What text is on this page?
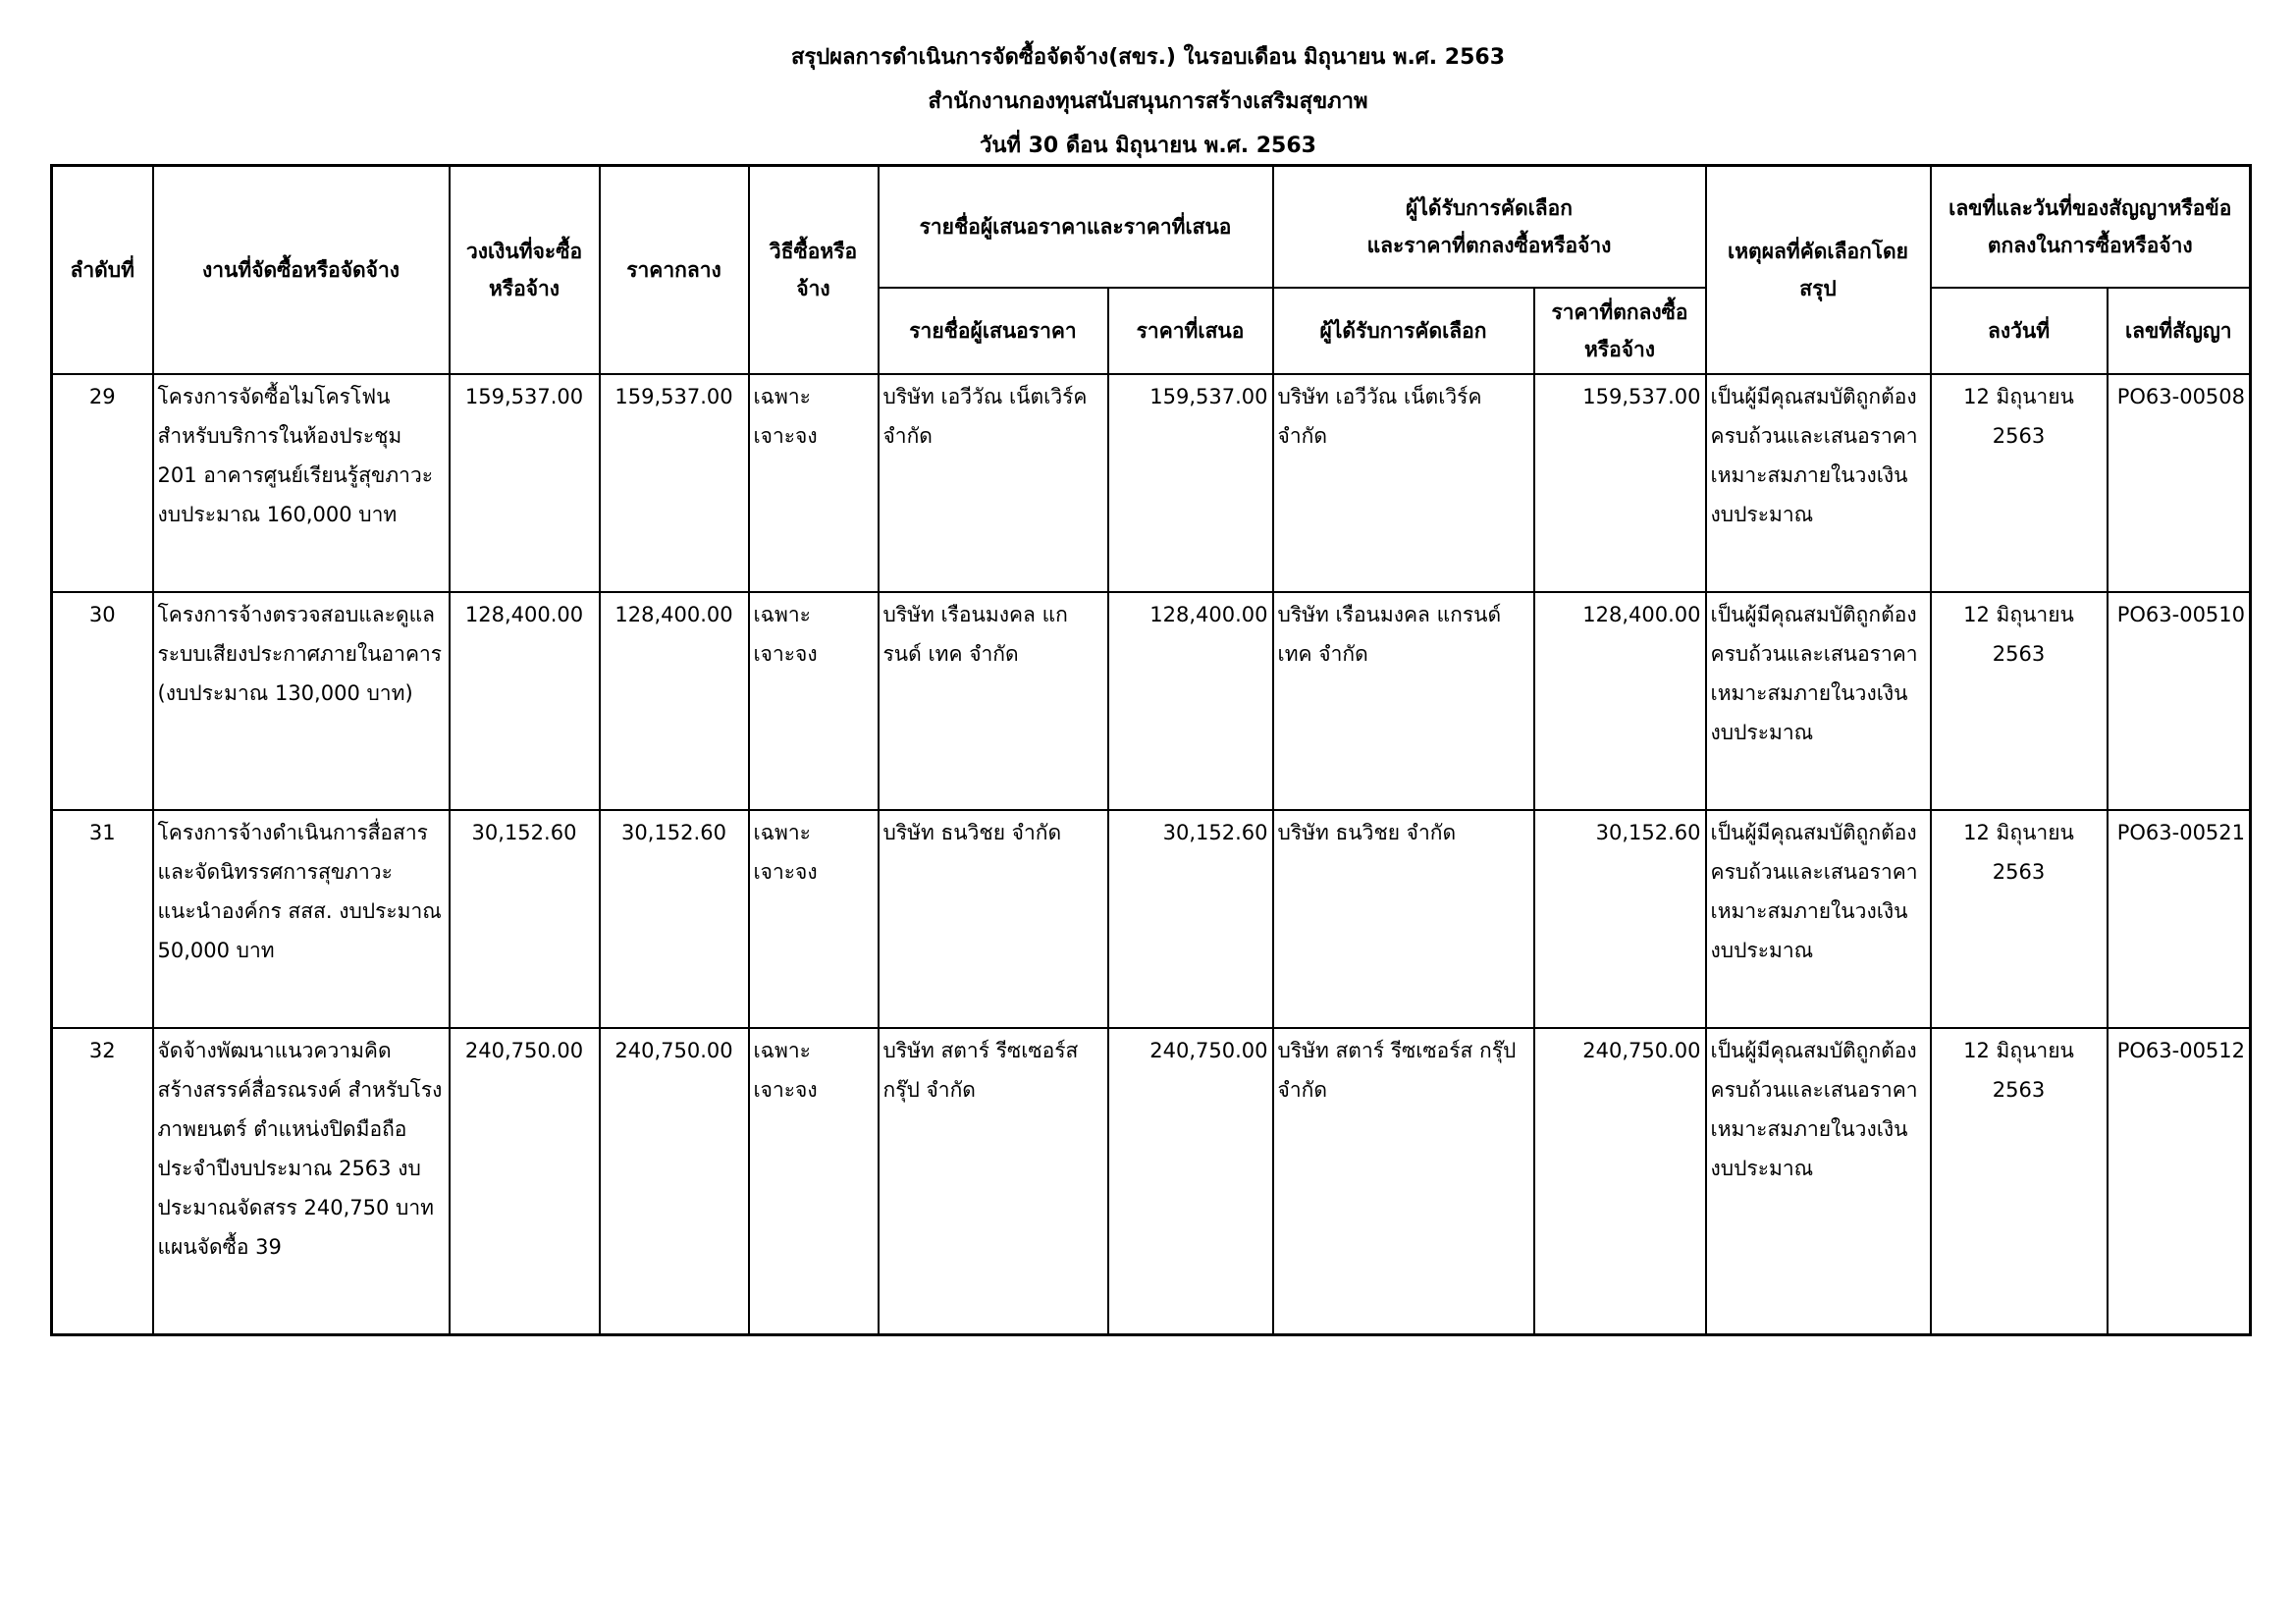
สรุปผลการดำเนินการจัดซื้อจัดจ้าง(สขร.) ในรอบเดือน มิถุนายน พ.ศ. 2563
สำนักงานกองทุนสนับสนุนการสร้างเสริมสุขภาพ
วันที่ 30 ดือน มิถุนายน พ.ศ. 2563
ลำดับที่	งานที่จัดซื้อหรือจัดจ้าง	วงเงินที่จะซื้อหรือจ้าง	ราคากลาง	วิธีซื้อหรือจ้าง	รายชื่อผู้เสนอราคาและราคาที่เสนอ		ผู้ได้รับการคัดเลือก
และราคาที่ตกลงซื้อหรือจ้าง		เหตุผลที่คัดเลือกโดยสรุป	เลขที่และวันที่ของสัญญาหรือข้อตกลงในการซื้อหรือจ้าง	
					รายชื่อผู้เสนอราคา	ราคาที่เสนอ	ผู้ได้รับการคัดเลือก	ราคาที่ตกลงซื้อหรือจ้าง		ลงวันที่	เลขที่สัญญา
29	โครงการจัดซื้อไมโครโฟนสำหรับบริการในห้องประชุม 201 อาคารศูนย์เรียนรู้สุขภาวะ งบประมาณ 160,000 บาท	159,537.00	159,537.00	เฉพาะเจาะจง	บริษัท เอวีวัณ เน็ตเวิร์ค จำกัด	159,537.00	บริษัท เอวีวัณ เน็ตเวิร์ค จำกัด	159,537.00	เป็นผู้มีคุณสมบัติถูกต้องครบถ้วนและเสนอราคาเหมาะสมภายในวงเงินงบประมาณ	12 มิถุนายน 2563	PO63-00508
30	โครงการจ้างตรวจสอบและดูแลระบบเสียงประกาศภายในอาคาร (งบประมาณ 130,000 บาท)	128,400.00	128,400.00	เฉพาะเจาะจง	บริษัท เรือนมงคล แกรนด์ เทค จำกัด	128,400.00	บริษัท เรือนมงคล แกรนด์ เทค จำกัด	128,400.00	เป็นผู้มีคุณสมบัติถูกต้องครบถ้วนและเสนอราคาเหมาะสมภายในวงเงินงบประมาณ	12 มิถุนายน 2563	PO63-00510
31	โครงการจ้างดำเนินการสื่อสารและจัดนิทรรศการสุขภาวะ แนะนำองค์กร สสส. งบประมาณ 50,000 บาท	30,152.60	30,152.60	เฉพาะเจาะจง	บริษัท ธนวิชย จำกัด	30,152.60	บริษัท ธนวิชย จำกัด	30,152.60	เป็นผู้มีคุณสมบัติถูกต้องครบถ้วนและเสนอราคาเหมาะสมภายในวงเงินงบประมาณ	12 มิถุนายน 2563	PO63-00521
32	จัดจ้างพัฒนาแนวความคิดสร้างสรรค์สื่อรณรงค์ สำหรับโรงภาพยนตร์ ตำแหน่งปิดมือถือ ประจำปีงบประมาณ 2563 งบประมาณจัดสรร 240,750 บาท แผนจัดซื้อ 39	240,750.00	240,750.00	เฉพาะเจาะจง	บริษัท สตาร์ รีซเซอร์ส กรุ๊ป จำกัด	240,750.00	บริษัท สตาร์ รีซเซอร์ส กรุ๊ป จำกัด	240,750.00	เป็นผู้มีคุณสมบัติถูกต้องครบถ้วนและเสนอราคาเหมาะสมภายในวงเงินงบประมาณ	12 มิถุนายน 2563	PO63-00512
